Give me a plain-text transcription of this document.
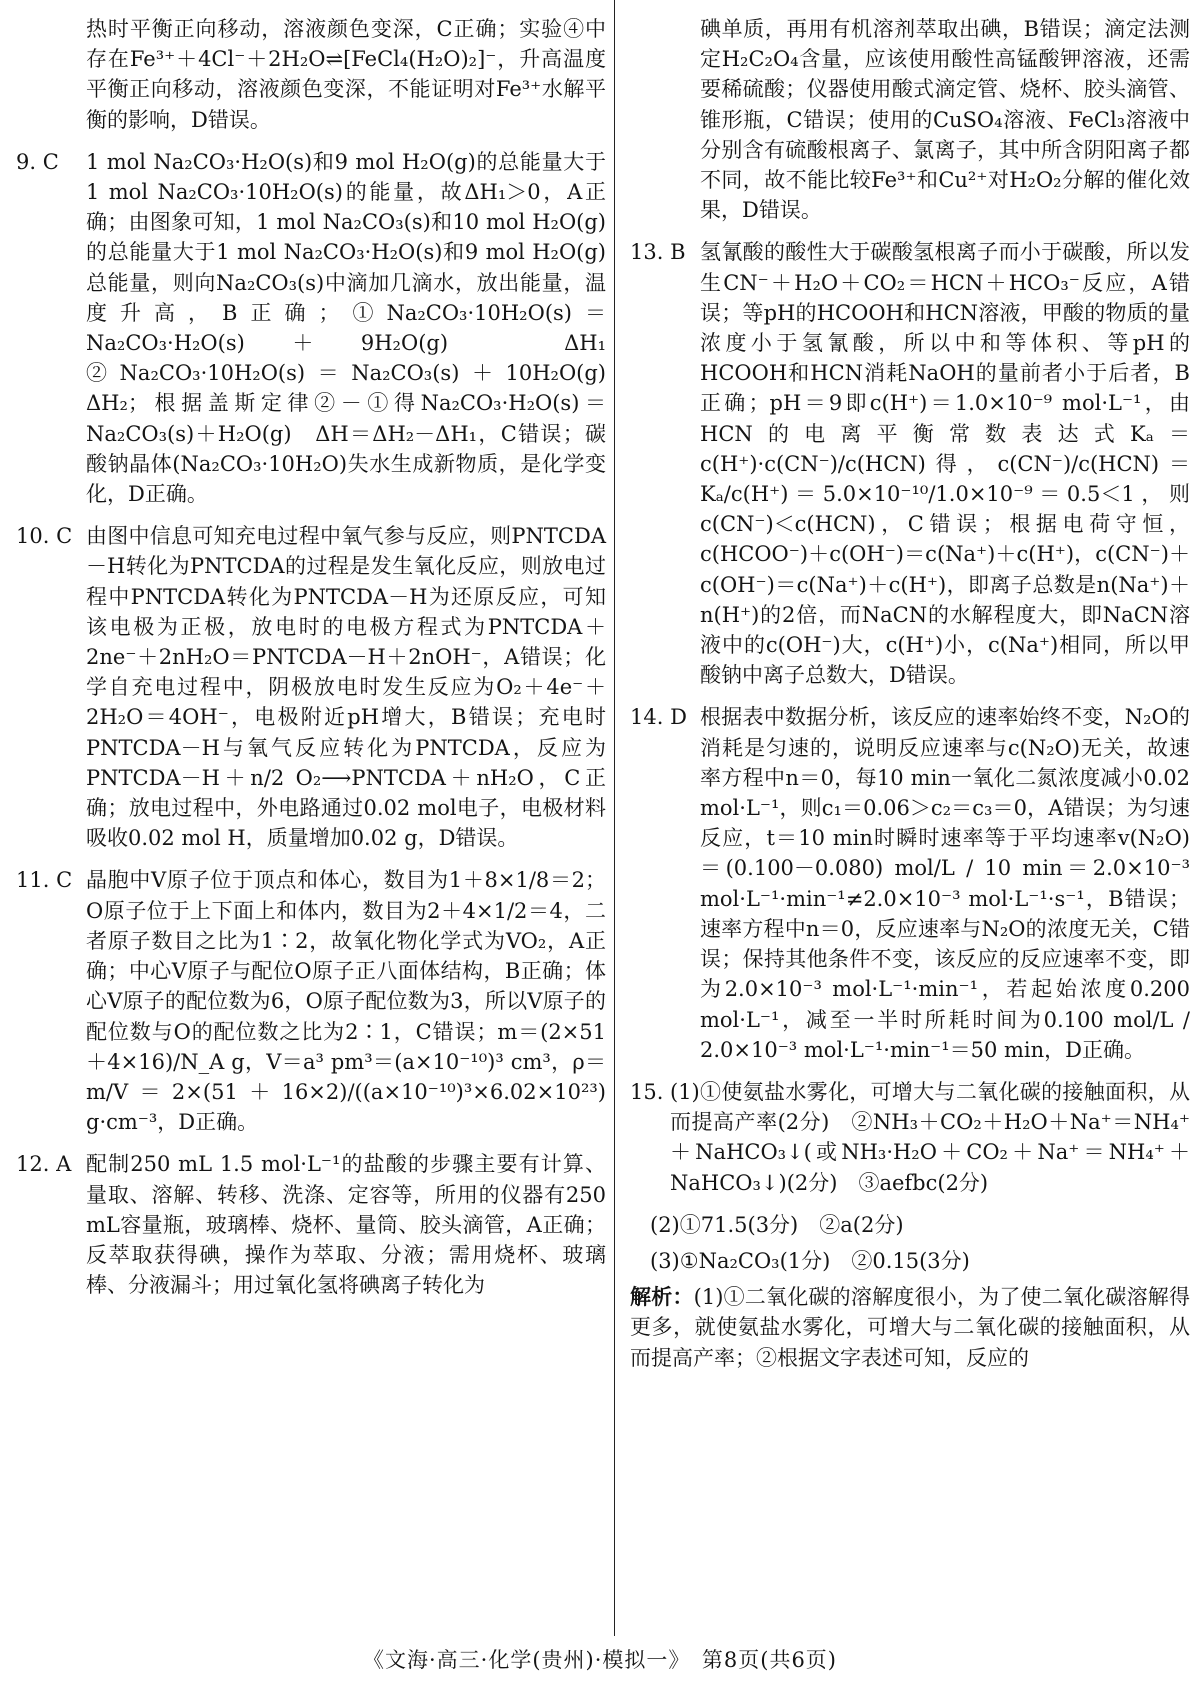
热时平衡正向移动，溶液颜色变深，C正确；实验④中存在Fe³⁺＋4Cl⁻＋2H₂O⇌[FeCl₄(H₂O)₂]⁻，升高温度平衡正向移动，溶液颜色变深，不能证明对Fe³⁺水解平衡的影响，D错误。

9. C	1 mol Na₂CO₃·H₂O(s)和9 mol H₂O(g)的总能量大于1 mol Na₂CO₃·10H₂O(s)的能量，故ΔH₁＞0，A正确；由图象可知，1 mol Na₂CO₃(s)和10 mol H₂O(g)的总能量大于1 mol Na₂CO₃·H₂O(s)和9 mol H₂O(g)总能量，则向Na₂CO₃(s)中滴加几滴水，放出能量，温度升高，B正确；①Na₂CO₃·10H₂O(s)＝Na₂CO₃·H₂O(s)＋9H₂O(g)　ΔH₁　②Na₂CO₃·10H₂O(s)＝Na₂CO₃(s)＋10H₂O(g)　ΔH₂；根据盖斯定律②－①得Na₂CO₃·H₂O(s)＝Na₂CO₃(s)＋H₂O(g)　ΔH＝ΔH₂－ΔH₁，C错误；碳酸钠晶体(Na₂CO₃·10H₂O)失水生成新物质，是化学变化，D正确。
10. C 由图中信息可知充电过程中氧气参与反应，则PNTCDA－H转化为PNTCDA的过程是发生氧化反应，则放电过程中PNTCDA转化为PNTCDA－H为还原反应，可知该电极为正极，放电时的电极方程式为PNTCDA＋2ne⁻＋2nH₂O＝PNTCDA－H＋2nOH⁻，A错误；化学自充电过程中，阴极放电时发生反应为O₂＋4e⁻＋2H₂O＝4OH⁻，电极附近pH增大，B错误；充电时PNTCDA－H与氧气反应转化为PNTCDA，反应为PNTCDA－H＋n/2 O₂⟶PNTCDA＋nH₂O，C正确；放电过程中，外电路通过0.02 mol电子，电极材料吸收0.02 mol H，质量增加0.02 g，D错误。
11. C 晶胞中V原子位于顶点和体心，数目为1＋8×1/8＝2；O原子位于上下面上和体内，数目为2＋4×1/2＝4，二者原子数目之比为1∶2，故氧化物化学式为VO₂，A正确；中心V原子与配位O原子正八面体结构，B正确；体心V原子的配位数为6，O原子配位数为3，所以V原子的配位数与O的配位数之比为2∶1，C错误；m＝(2×51＋4×16)/N_A g，V＝a³ pm³＝(a×10⁻¹⁰)³ cm³，ρ＝m/V＝2×(51＋16×2)/((a×10⁻¹⁰)³×6.02×10²³) g·cm⁻³，D正确。
12. A 配制250 mL 1.5 mol·L⁻¹的盐酸的步骤主要有计算、量取、溶解、转移、洗涤、定容等，所用的仪器有250 mL容量瓶，玻璃棒、烧杯、量筒、胶头滴管，A正确；反萃取获得碘，操作为萃取、分液；需用烧杯、玻璃棒、分液漏斗；用过氧化氢将碘离子转化为

碘单质，再用有机溶剂萃取出碘，B错误；滴定法测定H₂C₂O₄含量，应该使用酸性高锰酸钾溶液，还需要稀硫酸；仪器使用酸式滴定管、烧杯、胶头滴管、锥形瓶，C错误；使用的CuSO₄溶液、FeCl₃溶液中分别含有硫酸根离子、氯离子，其中所含阴阳离子都不同，故不能比较Fe³⁺和Cu²⁺对H₂O₂分解的催化效果，D错误。

13. B 氢氰酸的酸性大于碳酸氢根离子而小于碳酸，所以发生CN⁻＋H₂O＋CO₂＝HCN＋HCO₃⁻反应，A错误；等pH的HCOOH和HCN溶液，甲酸的物质的量浓度小于氢氰酸，所以中和等体积、等pH的HCOOH和HCN消耗NaOH的量前者小于后者，B正确；pH＝9即c(H⁺)＝1.0×10⁻⁹ mol·L⁻¹，由HCN的电离平衡常数表达式Kₐ＝c(H⁺)·c(CN⁻)/c(HCN)得，c(CN⁻)/c(HCN)＝Kₐ/c(H⁺)＝5.0×10⁻¹⁰/1.0×10⁻⁹＝0.5＜1，则c(CN⁻)＜c(HCN)，C错误；根据电荷守恒，c(HCOO⁻)＋c(OH⁻)＝c(Na⁺)＋c(H⁺)，c(CN⁻)＋c(OH⁻)＝c(Na⁺)＋c(H⁺)，即离子总数是n(Na⁺)＋n(H⁺)的2倍，而NaCN的水解程度大，即NaCN溶液中的c(OH⁻)大，c(H⁺)小，c(Na⁺)相同，所以甲酸钠中离子总数大，D错误。
14. D 根据表中数据分析，该反应的速率始终不变，N₂O的消耗是匀速的，说明反应速率与c(N₂O)无关，故速率方程中n＝0，每10 min一氧化二氮浓度减小0.02 mol·L⁻¹，则c₁＝0.06＞c₂＝c₃＝0，A错误；为匀速反应，t＝10 min时瞬时速率等于平均速率v(N₂O)＝(0.100－0.080) mol/L / 10 min＝2.0×10⁻³ mol·L⁻¹·min⁻¹≠2.0×10⁻³ mol·L⁻¹·s⁻¹，B错误；速率方程中n＝0，反应速率与N₂O的浓度无关，C错误；保持其他条件不变，该反应的反应速率不变，即为2.0×10⁻³ mol·L⁻¹·min⁻¹，若起始浓度0.200 mol·L⁻¹，减至一半时所耗时间为0.100 mol/L / 2.0×10⁻³ mol·L⁻¹·min⁻¹＝50 min，D正确。
15. (1)①使氨盐水雾化，可增大与二氧化碳的接触面积，从而提高产率(2分)　②NH₃＋CO₂＋H₂O＋Na⁺＝NH₄⁺＋NaHCO₃↓(或NH₃·H₂O＋CO₂＋Na⁺＝NH₄⁺＋NaHCO₃↓)(2分)　③aefbc(2分)
(2)①71.5(3分)　②a(2分)
(3)①Na₂CO₃(1分)　②0.15(3分)

解析：(1)①二氧化碳的溶解度很小，为了使二氧化碳溶解得更多，就使氨盐水雾化，可增大与二氧化碳的接触面积，从而提高产率；②根据文字表述可知，反应的

《文海·高三·化学(贵州)·模拟一》　第8页(共6页)
